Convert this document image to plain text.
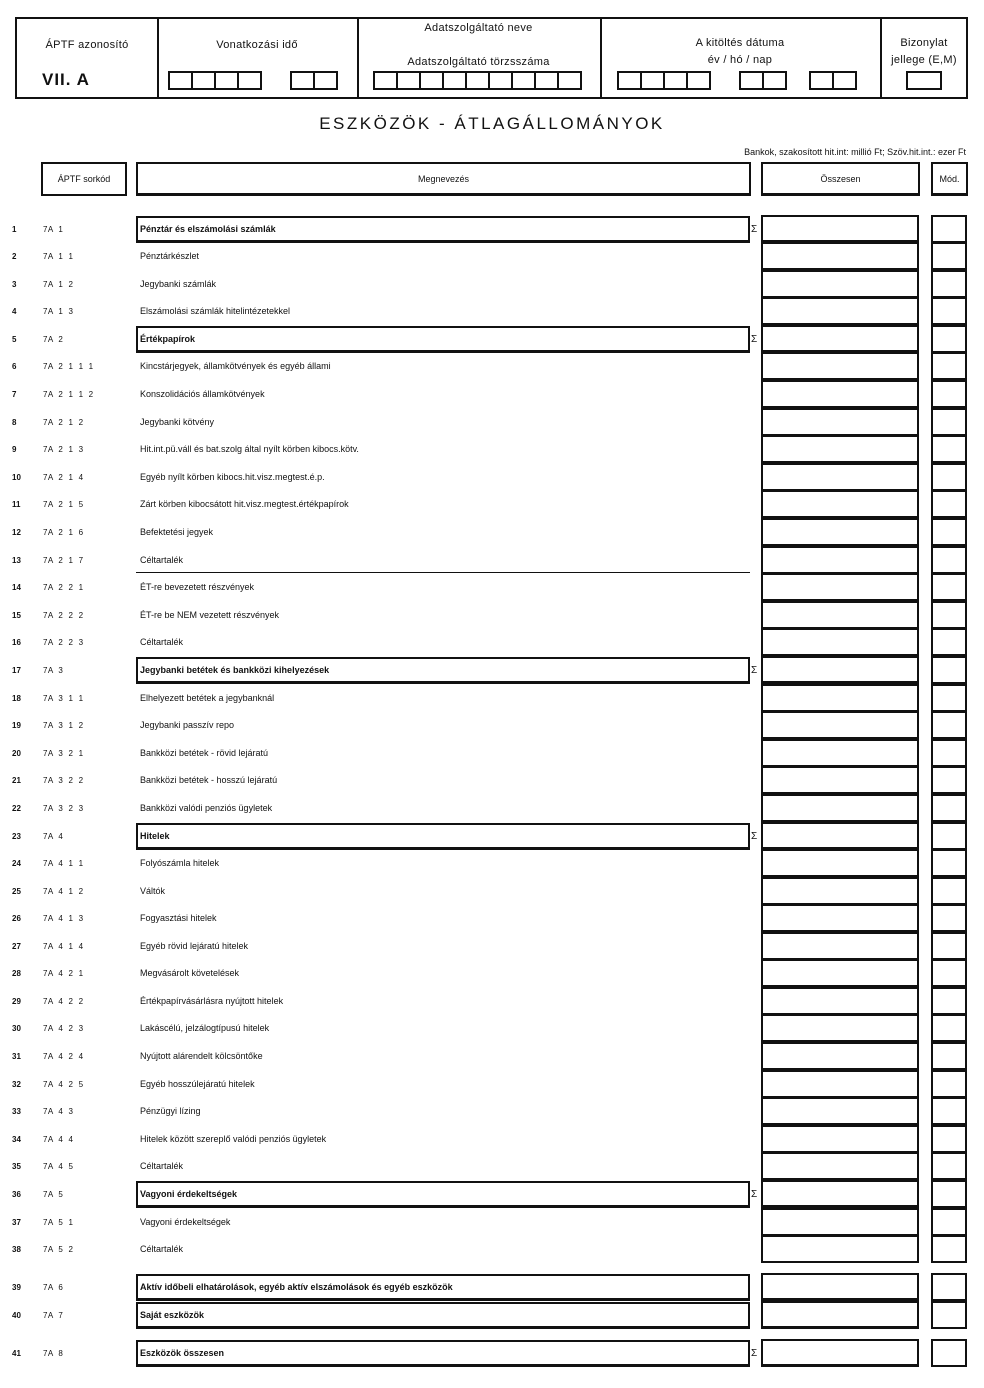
ÁPTF azonosító
VII. A
Vonatkozási idő
Adatszolgáltató neve
Adatszolgáltató törzsszáma
A kitöltés dátuma
év / hó / nap
Bizonylat
jellege (E,M)
ESZKÖZÖK - ÁTLAGÁLLOMÁNYOK
Bankok, szakosított hit.int: millió Ft; Szöv.hit.int.: ezer Ft
ÁPTF sorkód	Megnevezés	Összesen	Mód.
1	7A  1	Pénztár és elszámolási számlák	Σ
2	7A  1  1	Pénztárkészlet
3	7A  1  2	Jegybanki számlák
4	7A  1  3	Elszámolási számlák hitelintézetekkel
5	7A  2	Értékpapírok	Σ
6	7A  2  1  1  1	Kincstárjegyek, államkötvények és egyéb állami
7	7A  2  1  1  2	Konszolidációs államkötvények
8	7A  2  1  2	Jegybanki kötvény
9	7A  2  1  3	Hit.int.pü.váll és bat.szolg által nyílt körben kibocs.kötv.
10	7A  2  1  4	Egyéb nyílt körben kibocs.hit.visz.megtest.é.p.
11	7A  2  1  5	Zárt körben kibocsátott hit.visz.megtest.értékpapírok
12	7A  2  1  6	Befektetési jegyek
13	7A  2  1  7	Céltartalék
14	7A  2  2  1	ÉT-re bevezetett részvények
15	7A  2  2  2	ÉT-re be NEM vezetett részvények
16	7A  2  2  3	Céltartalék
17	7A  3	Jegybanki betétek és bankközi kihelyezések	Σ
18	7A  3  1  1	Elhelyezett betétek a jegybanknál
19	7A  3  1  2	Jegybanki passzív repo
20	7A  3  2  1	Bankközi betétek - rövid lejáratú
21	7A  3  2  2	Bankközi betétek - hosszú lejáratú
22	7A  3  2  3	Bankközi valódi penziós ügyletek
23	7A  4	Hitelek	Σ
24	7A  4  1  1	Folyószámla hitelek
25	7A  4  1  2	Váltók
26	7A  4  1  3	Fogyasztási hitelek
27	7A  4  1  4	Egyéb rövid lejáratú hitelek
28	7A  4  2  1	Megvásárolt követelések
29	7A  4  2  2	Értékpapírvásárlásra nyújtott hitelek
30	7A  4  2  3	Lakáscélú, jelzálogtípusú hitelek
31	7A  4  2  4	Nyújtott alárendelt kölcsöntőke
32	7A  4  2  5	Egyéb hosszúlejáratú hitelek
33	7A  4  3	Pénzügyi lízing
34	7A  4  4	Hitelek között szereplő valódi penziós ügyletek
35	7A  4  5	Céltartalék
36	7A  5	Vagyoni érdekeltségek	Σ
37	7A  5  1	Vagyoni érdekeltségek
38	7A  5  2	Céltartalék
39	7A  6	Aktív időbeli elhatárolások, egyéb aktív elszámolások és egyéb eszközök
40	7A  7	Saját eszközök
41	7A  8	Eszközök összesen	Σ
